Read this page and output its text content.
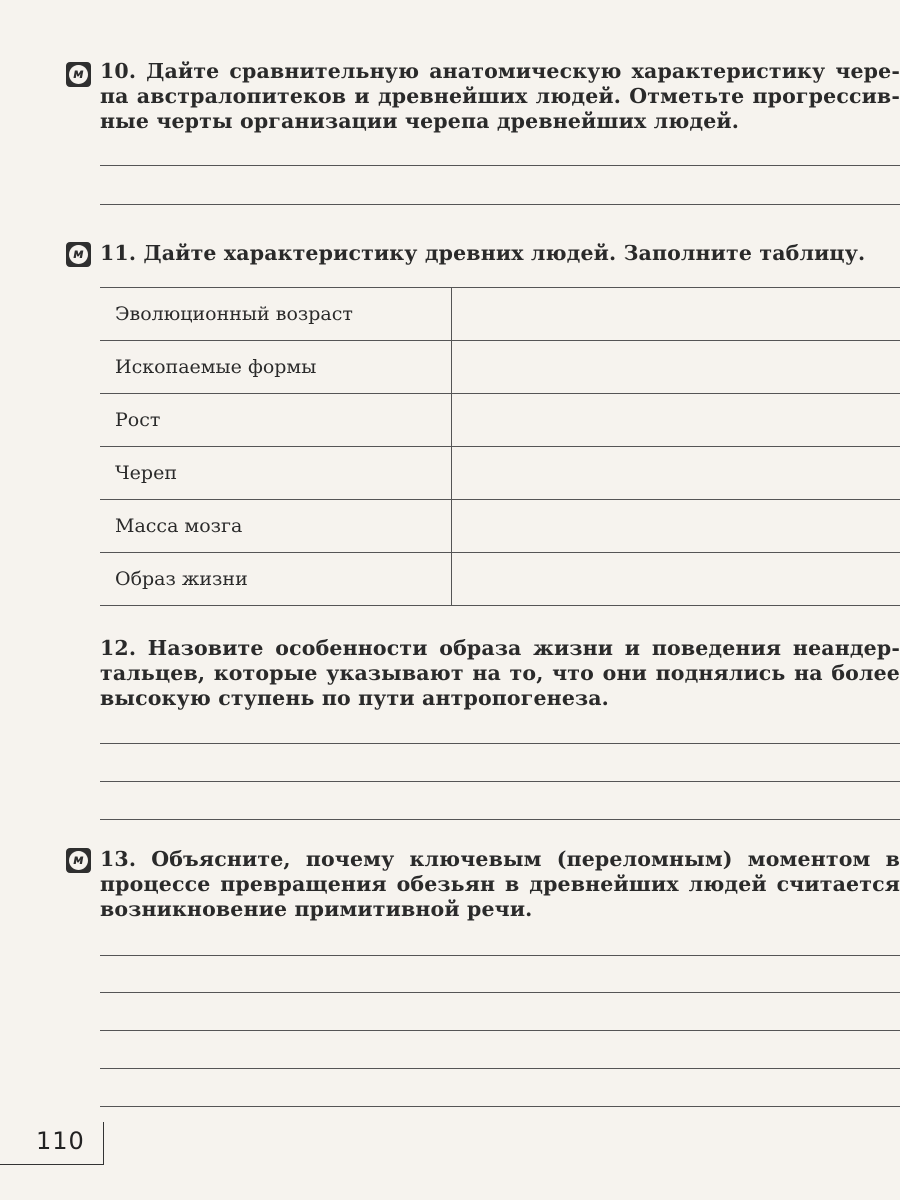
м 10. Дайте сравнительную анатомическую характеристику чере-
па австралопитеков и древнейших людей. Отметьте прогрессив-
ные черты организации черепа древнейших людей.
м 11. Дайте характеристику древних людей. Заполните таблицу.
Эволюционный возраст	
Ископаемые формы	
Рост	
Череп	
Масса мозга	
Образ жизни	
12. Назовите особенности образа жизни и поведения неандер-
тальцев, которые указывают на то, что они поднялись на более
высокую ступень по пути антропогенеза.
м 13. Объясните, почему ключевым (переломным) моментом в
процессе превращения обезьян в древнейших людей считается
возникновение примитивной речи.
110
